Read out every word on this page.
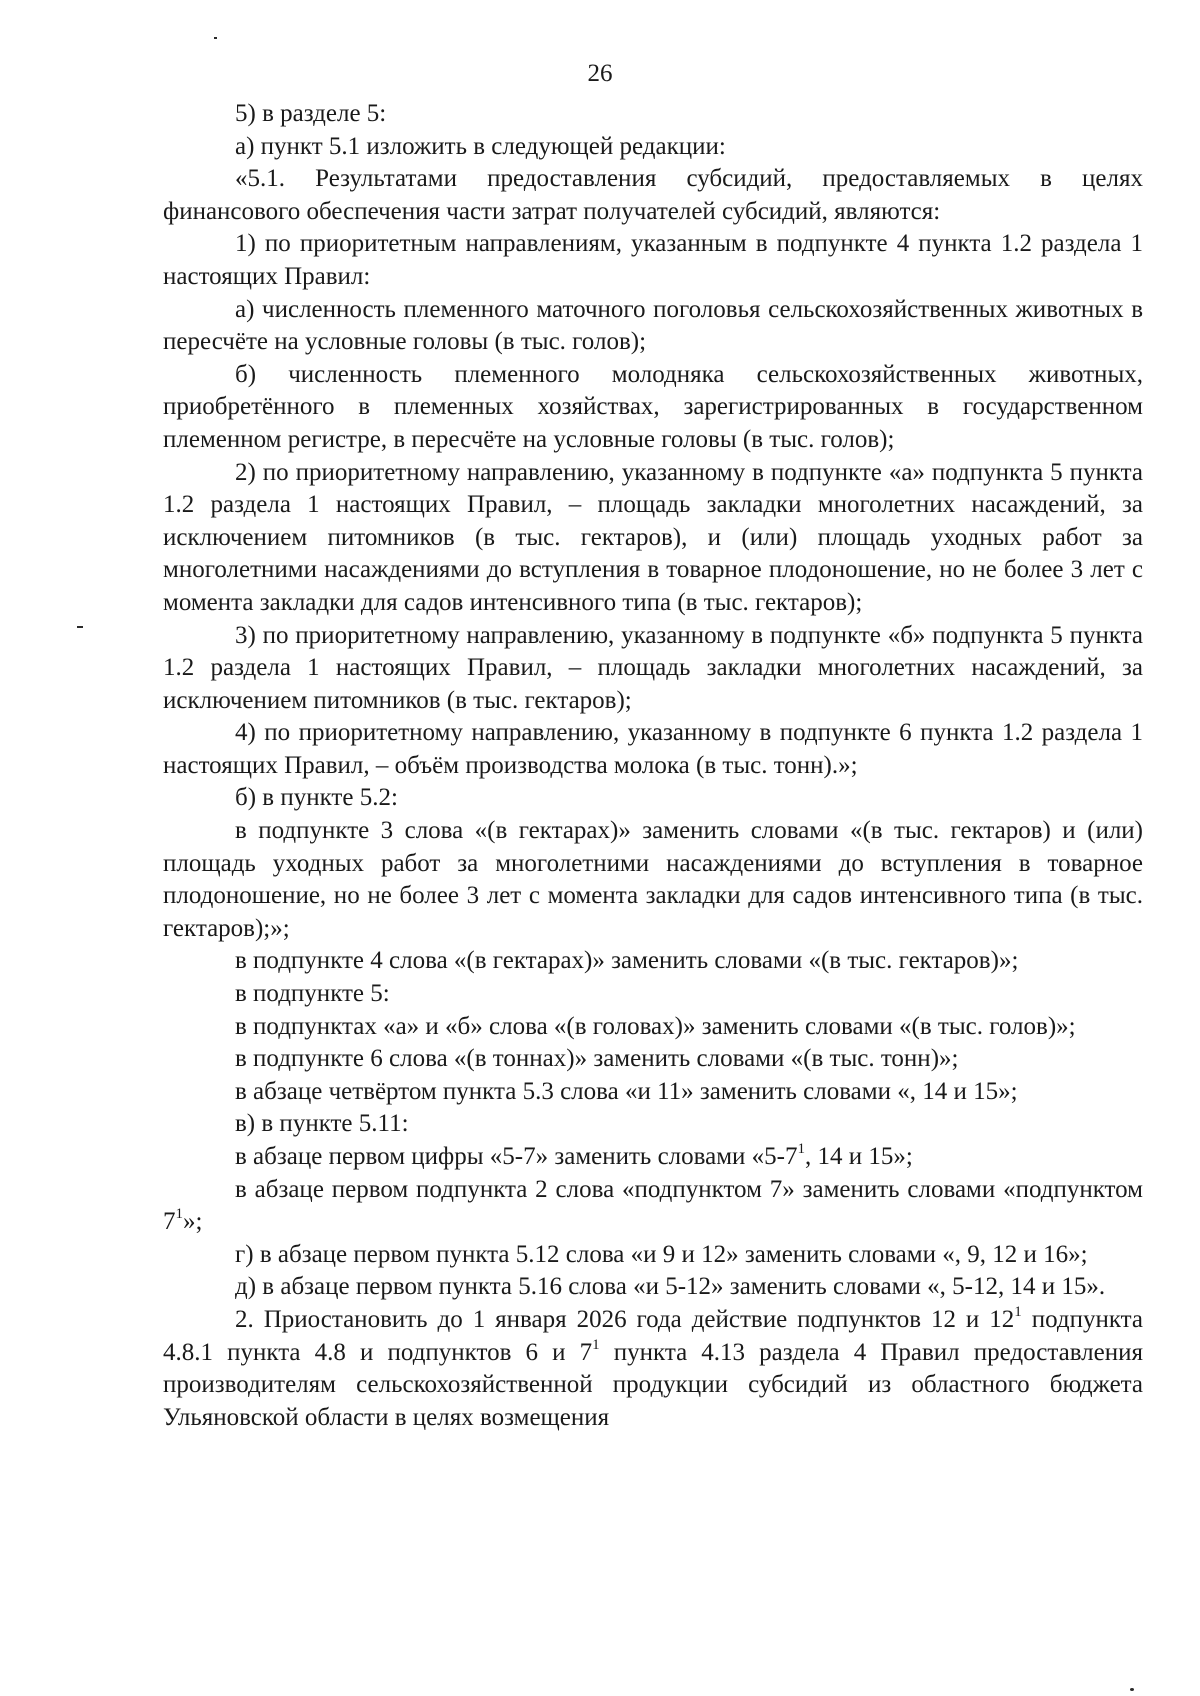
26

5) в разделе 5:

а) пункт 5.1 изложить в следующей редакции:

«5.1. Результатами предоставления субсидий, предоставляемых в целях финансового обеспечения части затрат получателей субсидий, являются:

1) по приоритетным направлениям, указанным в подпункте 4 пункта 1.2 раздела 1 настоящих Правил:

а) численность племенного маточного поголовья сельскохозяйственных животных в пересчёте на условные головы (в тыс. голов);

б) численность племенного молодняка сельскохозяйственных животных, приобретённого в племенных хозяйствах, зарегистрированных в государственном племенном регистре, в пересчёте на условные головы (в тыс. голов);

2) по приоритетному направлению, указанному в подпункте «а» подпункта 5 пункта 1.2 раздела 1 настоящих Правил, – площадь закладки многолетних насаждений, за исключением питомников (в тыс. гектаров), и (или) площадь уходных работ за многолетними насаждениями до вступления в товарное плодоношение, но не более 3 лет с момента закладки для садов интенсивного типа (в тыс. гектаров);

3) по приоритетному направлению, указанному в подпункте «б» подпункта 5 пункта 1.2 раздела 1 настоящих Правил, – площадь закладки многолетних насаждений, за исключением питомников (в тыс. гектаров);

4) по приоритетному направлению, указанному в подпункте 6 пункта 1.2 раздела 1 настоящих Правил, – объём производства молока (в тыс. тонн).»;

б) в пункте 5.2:

в подпункте 3 слова «(в гектарах)» заменить словами «(в тыс. гектаров) и (или) площадь уходных работ за многолетними насаждениями до вступления в товарное плодоношение, но не более 3 лет с момента закладки для садов интенсивного типа (в тыс. гектаров);»;

в подпункте 4 слова «(в гектарах)» заменить словами «(в тыс. гектаров)»;

в подпункте 5:

в подпунктах «а» и «б» слова «(в головах)» заменить словами «(в тыс. голов)»;

в подпункте 6 слова «(в тоннах)» заменить словами «(в тыс. тонн)»;

в абзаце четвёртом пункта 5.3 слова «и 11» заменить словами «, 14 и 15»;

в) в пункте 5.11:

в абзаце первом цифры «5-7» заменить словами «$5-7^1$, 14 и 15»;

в абзаце первом подпункта 2 слова «подпунктом 7» заменить словами «подпунктом $7^1$»;

г) в абзаце первом пункта 5.12 слова «и 9 и 12» заменить словами «, 9, 12 и 16»;

д) в абзаце первом пункта 5.16 слова «и 5-12» заменить словами «, 5-12, 14 и 15».

2. Приостановить до 1 января 2026 года действие подпунктов 12 и $12^1$ подпункта 4.8.1 пункта 4.8 и подпунктов 6 и $7^1$ пункта 4.13 раздела 4 Правил предоставления производителям сельскохозяйственной продукции субсидий из областного бюджета Ульяновской области в целях возмещения
